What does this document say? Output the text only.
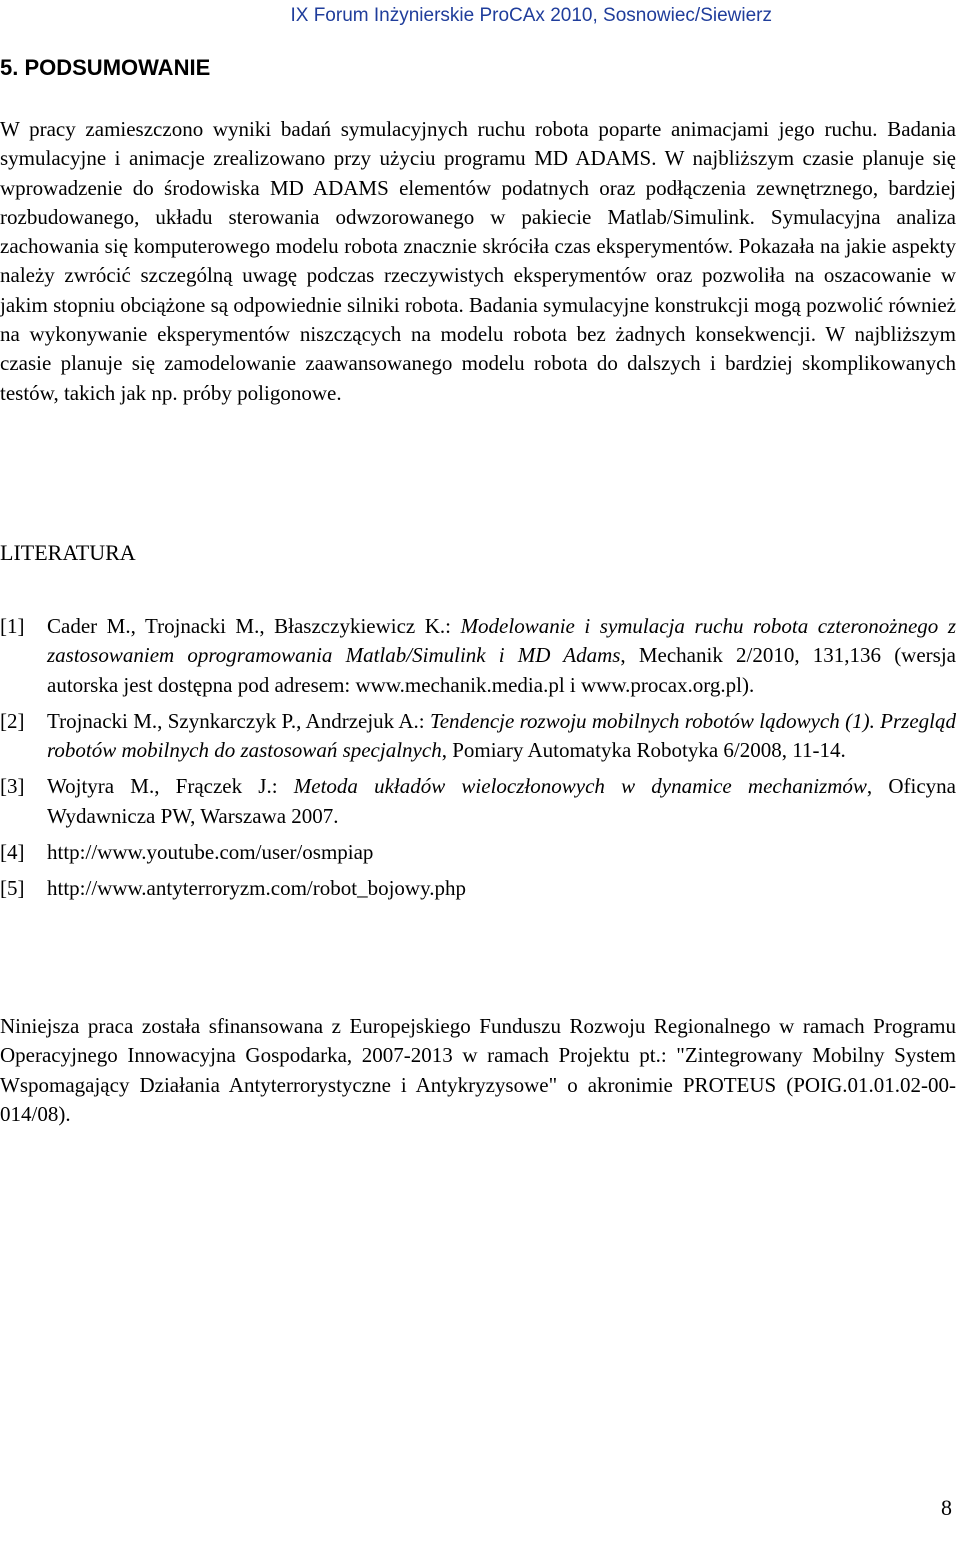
IX Forum Inżynierskie ProCAx 2010, Sosnowiec/Siewierz
5. PODSUMOWANIE

W pracy zamieszczono wyniki badań symulacyjnych ruchu robota poparte animacjami jego ruchu. Badania symulacyjne i animacje zrealizowano przy użyciu programu MD ADAMS. W najbliższym czasie planuje się wprowadzenie do środowiska MD ADAMS elementów podatnych oraz podłączenia zewnętrznego, bardziej rozbudowanego, układu sterowania odwzorowanego w pakiecie Matlab/Simulink. Symulacyjna analiza zachowania się komputerowego modelu robota znacznie skróciła czas eksperymentów. Pokazała na jakie aspekty należy zwrócić szczególną uwagę podczas rzeczywistych eksperymentów oraz pozwoliła na oszacowanie w jakim stopniu obciążone są odpowiednie silniki robota. Badania symulacyjne konstrukcji mogą pozwolić również na wykonywanie eksperymentów niszczących na modelu robota bez żadnych konsekwencji. W najbliższym czasie planuje się zamodelowanie zaawansowanego modelu robota do dalszych i bardziej skomplikowanych testów, takich jak np. próby poligonowe.

LITERATURA
[1]	Cader M., Trojnacki M., Błaszczykiewicz K.: Modelowanie i symulacja ruchu robota czteronożnego z zastosowaniem oprogramowania Matlab/Simulink i MD Adams, Mechanik 2/2010, 131,136 (wersja autorska jest dostępna pod adresem: www.mechanik.media.pl i www.procax.org.pl).
[2]	Trojnacki M., Szynkarczyk P., Andrzejuk A.: Tendencje rozwoju mobilnych robotów lądowych (1). Przegląd robotów mobilnych do zastosowań specjalnych, Pomiary Automatyka Robotyka 6/2008, 11-14.
[3]	Wojtyra M., Frączek J.: Metoda układów wieloczłonowych w dynamice mechanizmów, Oficyna Wydawnicza PW, Warszawa 2007.
[4]	http://www.youtube.com/user/osmpiap
[5]	http://www.antyterroryzm.com/robot_bojowy.php

Niniejsza praca została sfinansowana z Europejskiego Funduszu Rozwoju Regionalnego w ramach Programu Operacyjnego Innowacyjna Gospodarka, 2007-2013 w ramach Projektu pt.: "Zintegrowany Mobilny System Wspomagający Działania Antyterrorystyczne i Antykryzysowe" o akronimie PROTEUS (POIG.01.01.02-00-014/08).

8
